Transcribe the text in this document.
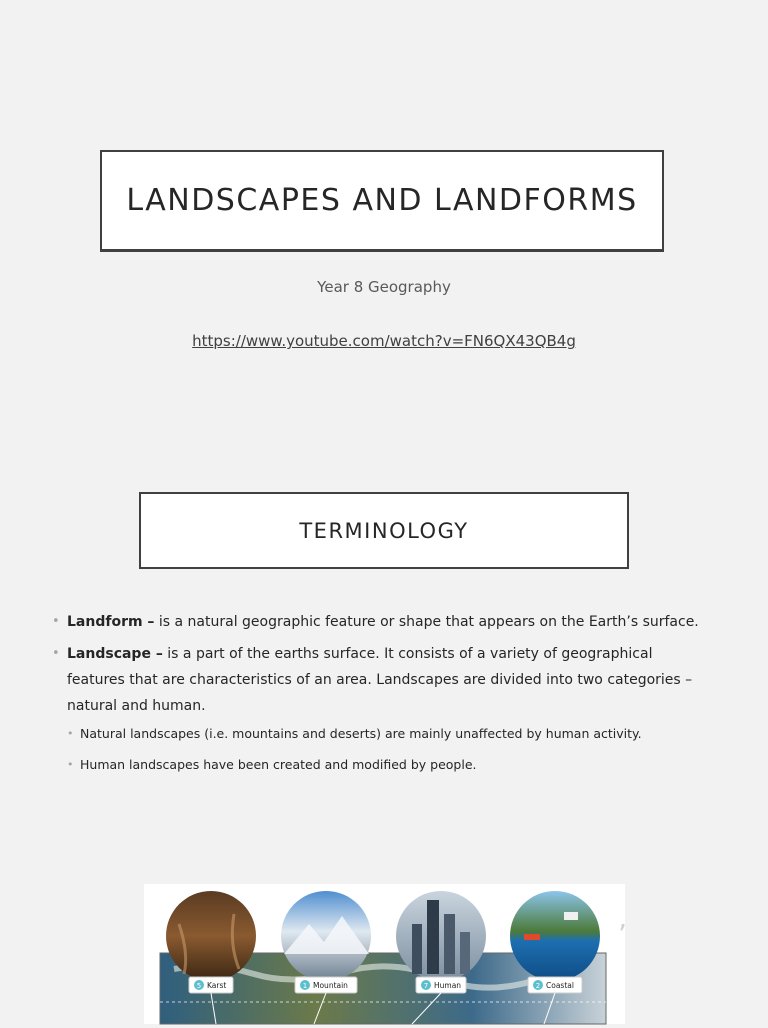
LANDSCAPES AND LANDFORMS
Year 8 Geography
https://www.youtube.com/watch?v=FN6QX43QB4g
TERMINOLOGY
• Landform – is a natural geographic feature or shape that appears on the Earth’s surface.
• Landscape – is a part of the earths surface. It consists of a variety of geographical features that are characteristics of an area. Landscapes are divided into two categories – natural and human.
• Natural landscapes (i.e. mountains and deserts) are mainly unaffected by human activity.
• Human landscapes have been created and modified by people.
’
5 Karst	1 Mountain	7 Human	2 Coastal
